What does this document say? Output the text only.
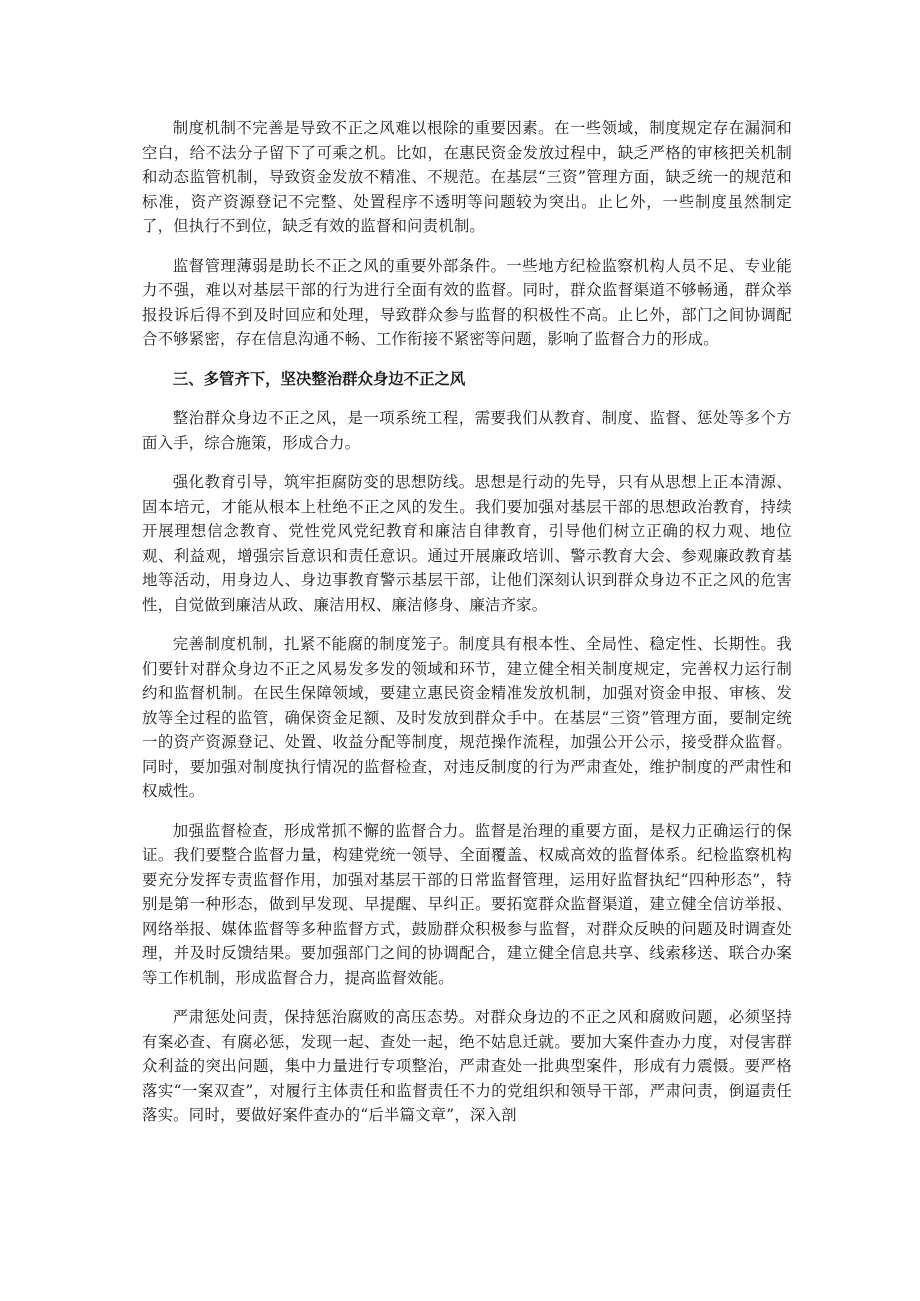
制度机制不完善是导致不正之风难以根除的重要因素。在一些领域，制度规定存在漏洞和空白，给不法分子留下了可乘之机。比如，在惠民资金发放过程中，缺乏严格的审核把关机制和动态监管机制，导致资金发放不精准、不规范。在基层“三资”管理方面，缺乏统一的规范和标准，资产资源登记不完整、处置程序不透明等问题较为突出。止匕外，一些制度虽然制定了，但执行不到位，缺乏有效的监督和问责机制。

监督管理薄弱是助长不正之风的重要外部条件。一些地方纪检监察机构人员不足、专业能力不强，难以对基层干部的行为进行全面有效的监督。同时，群众监督渠道不够畅通，群众举报投诉后得不到及时回应和处理，导致群众参与监督的积极性不高。止匕外，部门之间协调配合不够紧密，存在信息沟通不畅、工作衔接不紧密等问题，影响了监督合力的形成。

三、多管齐下，坚决整治群众身边不正之风

整治群众身边不正之风，是一项系统工程，需要我们从教育、制度、监督、惩处等多个方面入手，综合施策，形成合力。

强化教育引导，筑牢拒腐防变的思想防线。思想是行动的先导，只有从思想上正本清源、固本培元，才能从根本上杜绝不正之风的发生。我们要加强对基层干部的思想政治教育，持续开展理想信念教育、党性党风党纪教育和廉洁自律教育，引导他们树立正确的权力观、地位观、利益观，增强宗旨意识和责任意识。通过开展廉政培训、警示教育大会、参观廉政教育基地等活动，用身边人、身边事教育警示基层干部，让他们深刻认识到群众身边不正之风的危害性，自觉做到廉洁从政、廉洁用权、廉洁修身、廉洁齐家。

完善制度机制，扎紧不能腐的制度笼子。制度具有根本性、全局性、稳定性、长期性。我们要针对群众身边不正之风易发多发的领域和环节，建立健全相关制度规定，完善权力运行制约和监督机制。在民生保障领域，要建立惠民资金精准发放机制，加强对资金申报、审核、发放等全过程的监管，确保资金足额、及时发放到群众手中。在基层“三资”管理方面，要制定统一的资产资源登记、处置、收益分配等制度，规范操作流程，加强公开公示，接受群众监督。同时，要加强对制度执行情况的监督检查，对违反制度的行为严肃查处，维护制度的严肃性和权威性。

加强监督检查，形成常抓不懈的监督合力。监督是治理的重要方面，是权力正确运行的保证。我们要整合监督力量，构建党统一领导、全面覆盖、权威高效的监督体系。纪检监察机构要充分发挥专责监督作用，加强对基层干部的日常监督管理，运用好监督执纪“四种形态”，特别是第一种形态，做到早发现、早提醒、早纠正。要拓宽群众监督渠道，建立健全信访举报、网络举报、媒体监督等多种监督方式，鼓励群众积极参与监督，对群众反映的问题及时调查处理，并及时反馈结果。要加强部门之间的协调配合，建立健全信息共享、线索移送、联合办案等工作机制，形成监督合力，提高监督效能。

严肃惩处问责，保持惩治腐败的高压态势。对群众身边的不正之风和腐败问题，必须坚持有案必查、有腐必惩，发现一起、查处一起，绝不姑息迁就。要加大案件查办力度，对侵害群众利益的突出问题，集中力量进行专项整治，严肃查处一批典型案件，形成有力震慑。要严格落实“一案双查”，对履行主体责任和监督责任不力的党组织和领导干部，严肃问责，倒逼责任落实。同时，要做好案件查办的“后半篇文章”，深入剖
